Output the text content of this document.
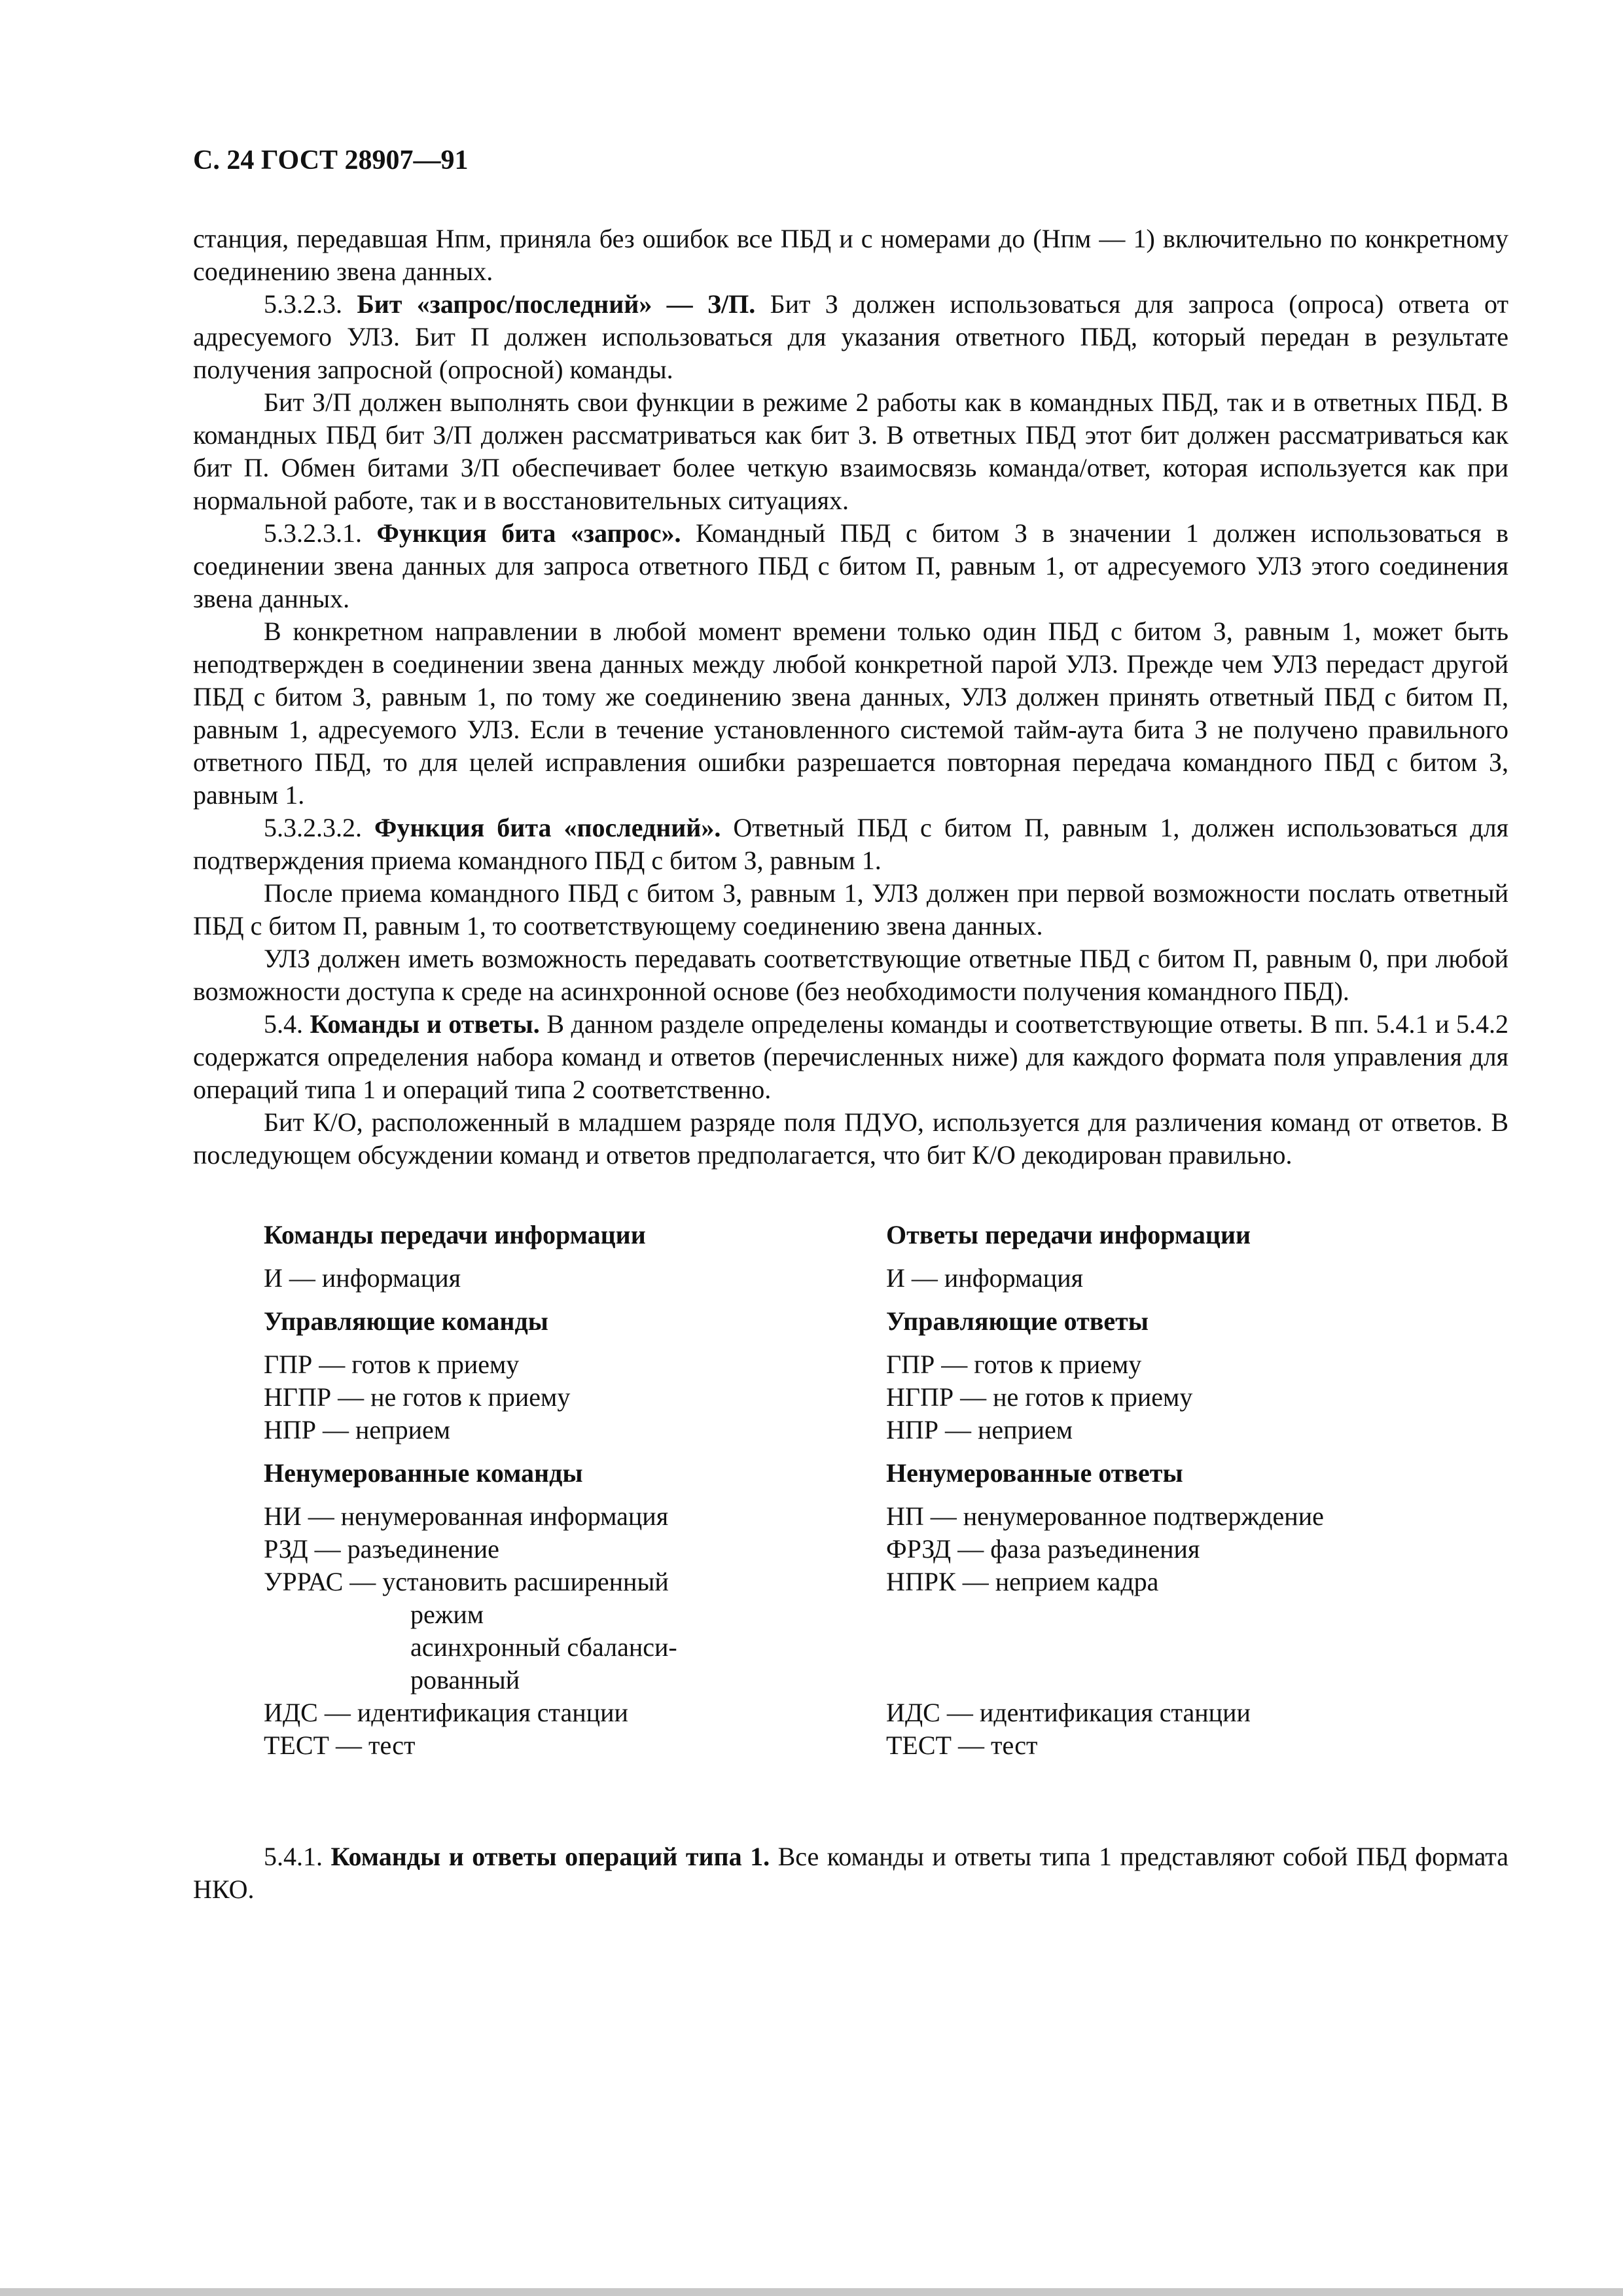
С. 24 ГОСТ 28907—91

станция, передавшая Нпм, приняла без ошибок все ПБД и с номерами до (Нпм — 1) включительно по конкретному соединению звена данных.

5.3.2.3. Бит «запрос/последний» — З/П. Бит З должен использоваться для запроса (опроса) ответа от адресуемого УЛЗ. Бит П должен использоваться для указания ответного ПБД, который передан в результате получения запросной (опросной) команды.

Бит З/П должен выполнять свои функции в режиме 2 работы как в командных ПБД, так и в ответных ПБД. В командных ПБД бит З/П должен рассматриваться как бит З. В ответных ПБД этот бит должен рассматриваться как бит П. Обмен битами З/П обеспечивает более четкую взаимосвязь команда/ответ, которая используется как при нормальной работе, так и в восстановительных ситуациях.

5.3.2.3.1. Функция бита «запрос». Командный ПБД с битом З в значении 1 должен использоваться в соединении звена данных для запроса ответного ПБД с битом П, равным 1, от адресуемого УЛЗ этого соединения звена данных.

В конкретном направлении в любой момент времени только один ПБД с битом З, равным 1, может быть неподтвержден в соединении звена данных между любой конкретной парой УЛЗ. Прежде чем УЛЗ передаст другой ПБД с битом З, равным 1, по тому же соединению звена данных, УЛЗ должен принять ответный ПБД с битом П, равным 1, адресуемого УЛЗ. Если в течение установленного системой тайм-аута бита З не получено правильного ответного ПБД, то для целей исправления ошибки разрешается повторная передача командного ПБД с битом З, равным 1.

5.3.2.3.2. Функция бита «последний». Ответный ПБД с битом П, равным 1, должен использоваться для подтверждения приема командного ПБД с битом З, равным 1.

После приема командного ПБД с битом З, равным 1, УЛЗ должен при первой возможности послать ответный ПБД с битом П, равным 1, то соответствующему соединению звена данных.

УЛЗ должен иметь возможность передавать соответствующие ответные ПБД с битом П, равным 0, при любой возможности доступа к среде на асинхронной основе (без необходимости получения командного ПБД).

5.4. Команды и ответы. В данном разделе определены команды и соответствующие ответы. В пп. 5.4.1 и 5.4.2 содержатся определения набора команд и ответов (перечисленных ниже) для каждого формата поля управления для операций типа 1 и операций типа 2 соответственно.

Бит К/О, расположенный в младшем разряде поля ПДУО, используется для различения команд от ответов. В последующем обсуждении команд и ответов предполагается, что бит К/О декодирован правильно.

Команды передачи информации
И — информация
Управляющие команды
ГПР — готов к приему
НГПР — не готов к приему
НПР — неприем
Ненумерованные команды
НИ — ненумерованная информация
РЗД — разъединение
УРРАС — установить расширенный
режим
асинхронный сбаланси-
рованный
ИДС — идентификация станции
ТЕСТ — тест
Ответы передачи информации
И — информация
Управляющие ответы
ГПР — готов к приему
НГПР — не готов к приему
НПР — неприем
Ненумерованные ответы
НП — ненумерованное подтверждение
ФРЗД — фаза разъединения
НПРК — неприем кадра
ИДС — идентификация станции
ТЕСТ — тест

5.4.1. Команды и ответы операций типа 1. Все команды и ответы типа 1 представляют собой ПБД формата НКО.
